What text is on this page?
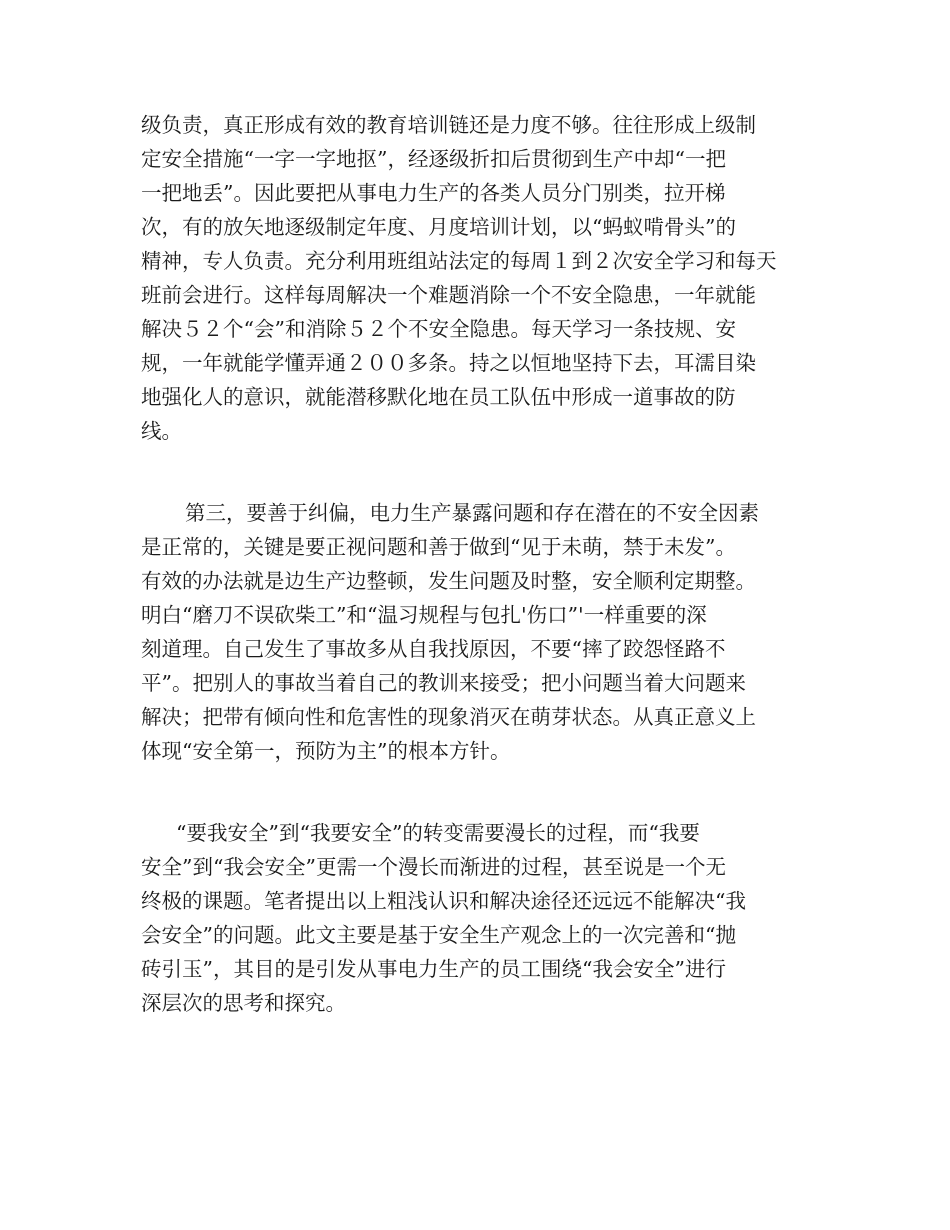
级负责，真正形成有效的教育培训链还是力度不够。往往形成上级制

定安全措施“一字一字地抠”，经逐级折扣后贯彻到生产中却“一把

一把地丢”。因此要把从事电力生产的各类人员分门别类，拉开梯

次，有的放矢地逐级制定年度、月度培训计划，以“蚂蚁啃骨头”的

精神，专人负责。充分利用班组站法定的每周１到２次安全学习和每天

班前会进行。这样每周解决一个难题消除一个不安全隐患，一年就能

解决５２个“会”和消除５２个不安全隐患。每天学习一条技规、安

规，一年就能学懂弄通２００多条。持之以恒地坚持下去，耳濡目染

地强化人的意识，就能潜移默化地在员工队伍中形成一道事故的防

线。

第三，要善于纠偏，电力生产暴露问题和存在潜在的不安全因素

是正常的，关键是要正视问题和善于做到“见于未萌，禁于未发”。

有效的办法就是边生产边整顿，发生问题及时整，安全顺利定期整。

明白“磨刀不误砍柴工”和“温习规程与包扎'伤口”'一样重要的深

刻道理。自己发生了事故多从自我找原因，不要“摔了跤怨怪路不

平”。把别人的事故当着自己的教训来接受；把小问题当着大问题来

解决；把带有倾向性和危害性的现象消灭在萌芽状态。从真正意义上

体现“安全第一，预防为主”的根本方针。

“要我安全”到“我要安全”的转变需要漫长的过程，而“我要

安全”到“我会安全”更需一个漫长而渐进的过程，甚至说是一个无

终极的课题。笔者提出以上粗浅认识和解决途径还远远不能解决“我

会安全”的问题。此文主要是基于安全生产观念上的一次完善和“抛

砖引玉”，其目的是引发从事电力生产的员工围绕“我会安全”进行

深层次的思考和探究。
